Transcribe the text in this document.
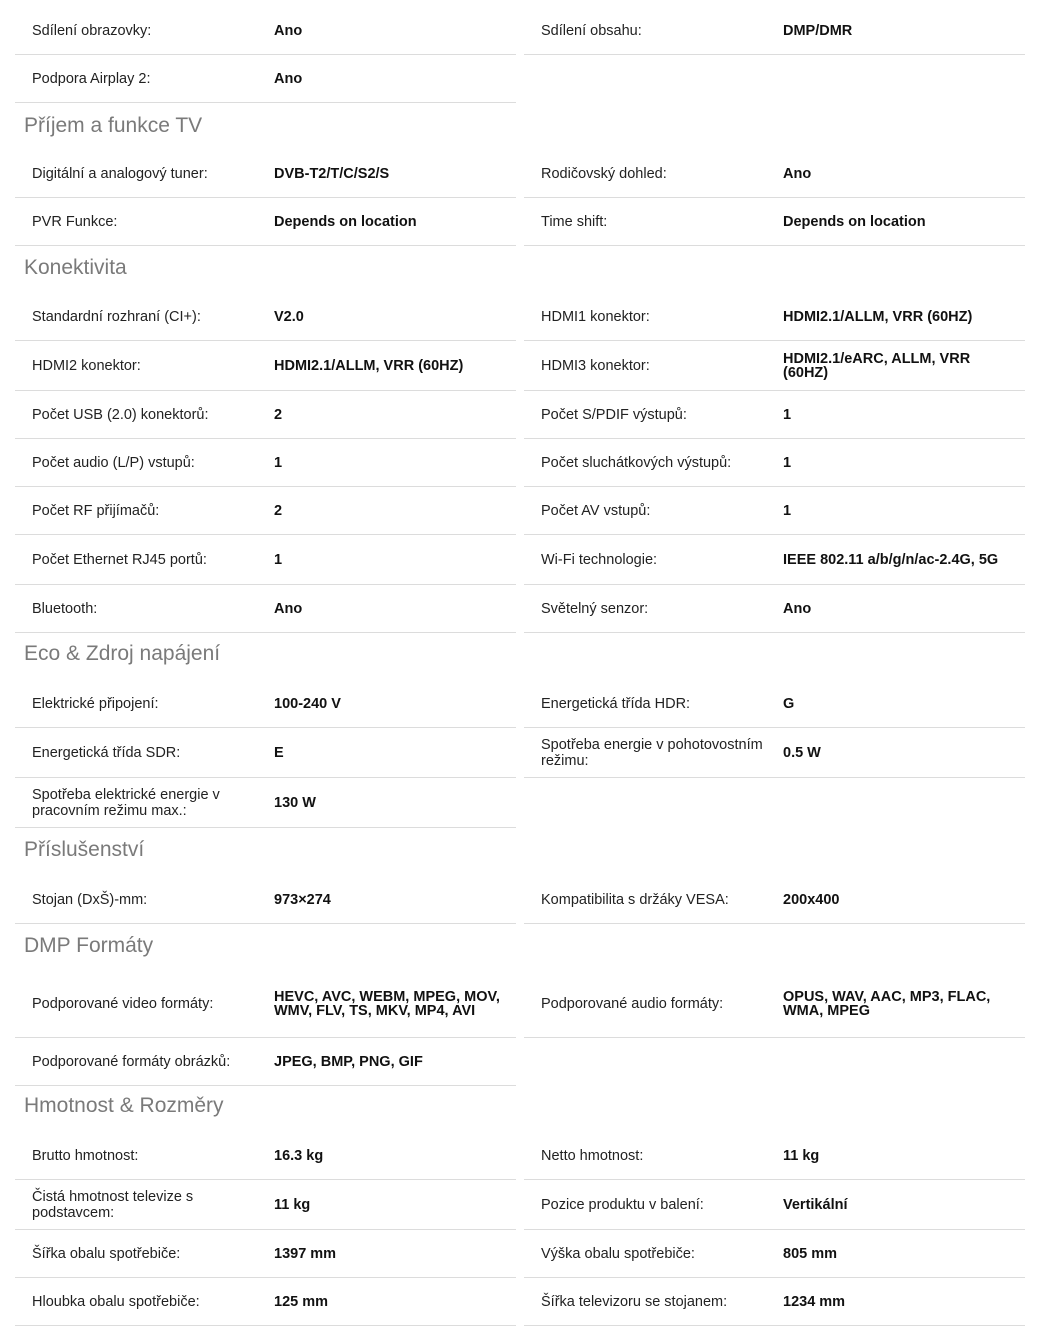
Sdílení obrazovky:	Ano	Sdílení obsahu:	DMP/DMR
Podpora Airplay 2:	Ano
Příjem a funkce TV
Digitální a analogový tuner:	DVB-T2/T/C/S2/S	Rodičovský dohled:	Ano
PVR Funkce:	Depends on location	Time shift:	Depends on location
Konektivita
Standardní rozhraní (CI+):	V2.0	HDMI1 konektor:	HDMI2.1/ALLM, VRR (60HZ)
HDMI2 konektor:	HDMI2.1/ALLM, VRR (60HZ)	HDMI3 konektor:	HDMI2.1/eARC, ALLM, VRR (60HZ)
Počet USB (2.0) konektorů:	2	Počet S/PDIF výstupů:	1
Počet audio (L/P) vstupů:	1	Počet sluchátkových výstupů:	1
Počet RF přijímačů:	2	Počet AV vstupů:	1
Počet Ethernet RJ45 portů:	1	Wi-Fi technologie:	IEEE 802.11 a/b/g/n/ac-2.4G, 5G
Bluetooth:	Ano	Světelný senzor:	Ano
Eco & Zdroj napájení
Elektrické připojení:	100-240 V	Energetická třída HDR:	G
Energetická třída SDR:	E	Spotřeba energie v pohotovostním režimu:	0.5 W
Spotřeba elektrické energie v pracovním režimu max.:	130 W
Příslušenství
Stojan (DxŠ)-mm:	973×274	Kompatibilita s držáky VESA:	200x400
DMP Formáty
Podporované video formáty:	HEVC, AVC, WEBM, MPEG, MOV, WMV, FLV, TS, MKV, MP4, AVI	Podporované audio formáty:	OPUS, WAV, AAC, MP3, FLAC, WMA, MPEG
Podporované formáty obrázků:	JPEG, BMP, PNG, GIF
Hmotnost & Rozměry
Brutto hmotnost:	16.3 kg	Netto hmotnost:	11 kg
Čistá hmotnost televize s podstavcem:	11 kg	Pozice produktu v balení:	Vertikální
Šířka obalu spotřebiče:	1397 mm	Výška obalu spotřebiče:	805 mm
Hloubka obalu spotřebiče:	125 mm	Šířka televizoru se stojanem:	1234 mm
